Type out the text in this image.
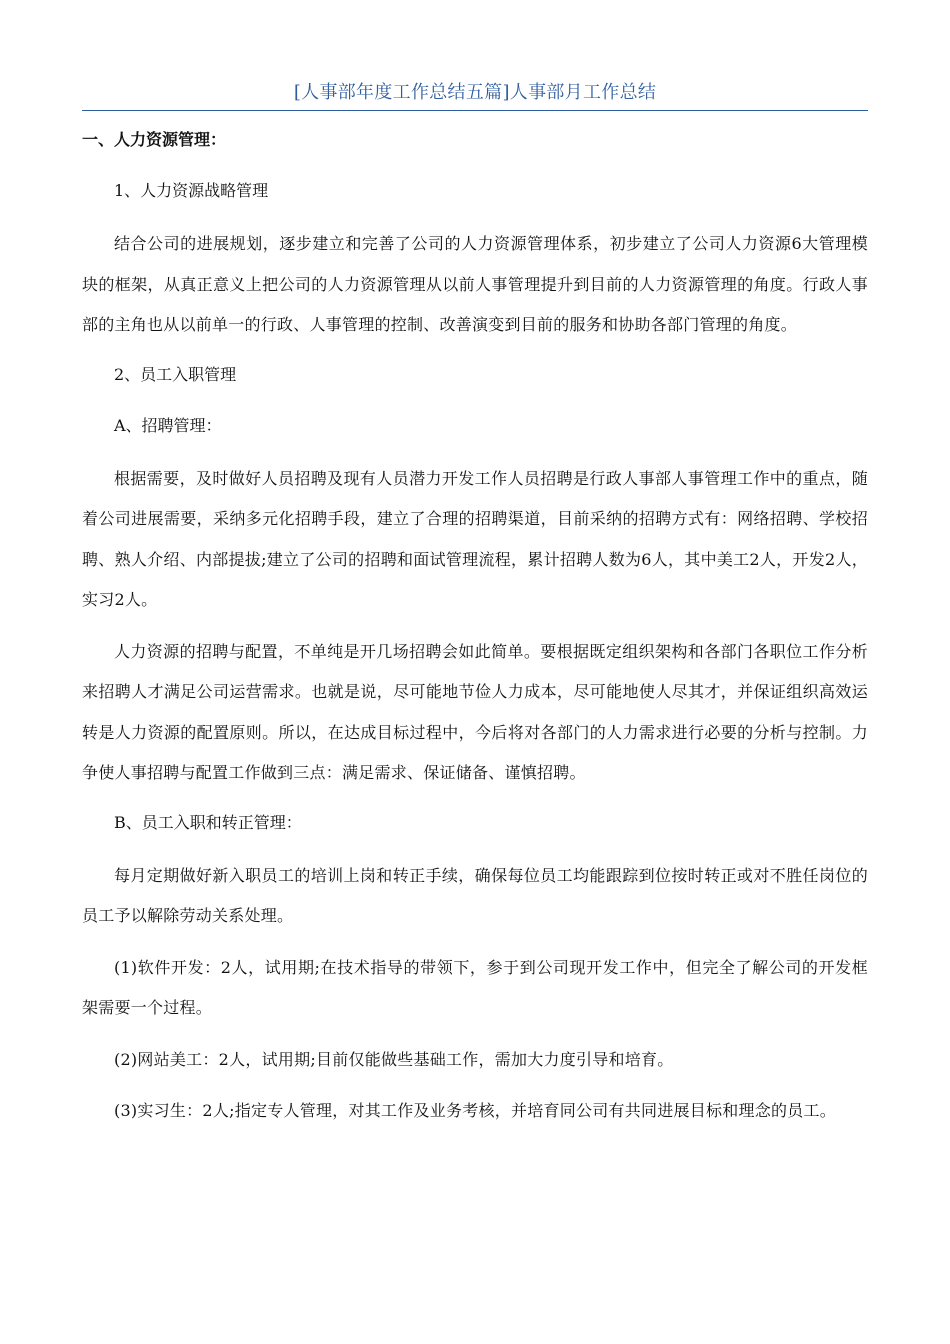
[人事部年度工作总结五篇]人事部月工作总结
一、人力资源管理：
1、人力资源战略管理

结合公司的进展规划，逐步建立和完善了公司的人力资源管理体系，初步建立了公司人力资源6大管理模块的框架，从真正意义上把公司的人力资源管理从以前人事管理提升到目前的人力资源管理的角度。行政人事部的主角也从以前单一的行政、人事管理的控制、改善演变到目前的服务和协助各部门管理的角度。

2、员工入职管理
A、招聘管理：

根据需要，及时做好人员招聘及现有人员潜力开发工作人员招聘是行政人事部人事管理工作中的重点，随着公司进展需要，采纳多元化招聘手段，建立了合理的招聘渠道，目前采纳的招聘方式有：网络招聘、学校招聘、熟人介绍、内部提拔;建立了公司的招聘和面试管理流程，累计招聘人数为6人，其中美工2人，开发2人，实习2人。

人力资源的招聘与配置，不单纯是开几场招聘会如此简单。要根据既定组织架构和各部门各职位工作分析来招聘人才满足公司运营需求。也就是说，尽可能地节俭人力成本，尽可能地使人尽其才，并保证组织高效运转是人力资源的配置原则。所以，在达成目标过程中，今后将对各部门的人力需求进行必要的分析与控制。力争使人事招聘与配置工作做到三点：满足需求、保证储备、谨慎招聘。

B、员工入职和转正管理：

每月定期做好新入职员工的培训上岗和转正手续，确保每位员工均能跟踪到位按时转正或对不胜任岗位的员工予以解除劳动关系处理。

(1)软件开发：2人，试用期;在技术指导的带领下，参于到公司现开发工作中，但完全了解公司的开发框架需要一个过程。

(2)网站美工：2人，试用期;目前仅能做些基础工作，需加大力度引导和培育。

(3)实习生：2人;指定专人管理，对其工作及业务考核，并培育同公司有共同进展目标和理念的员工。
